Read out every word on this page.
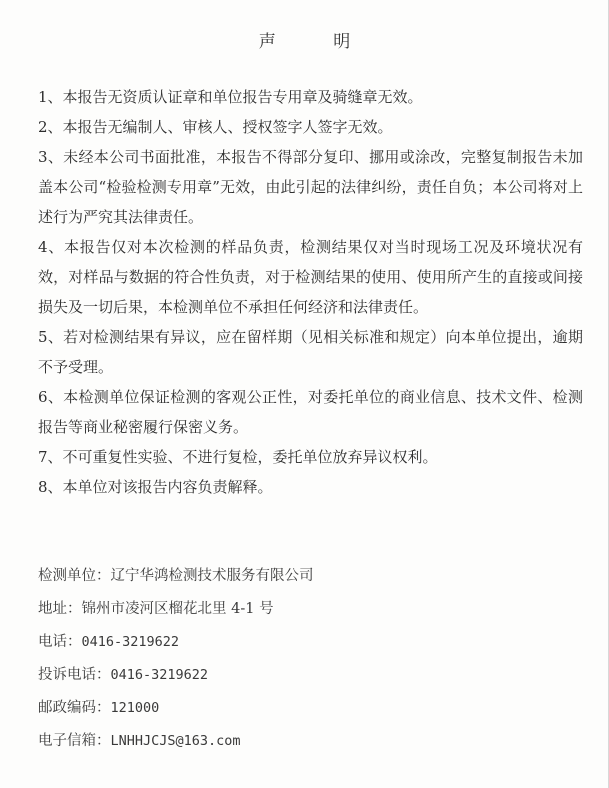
声 明

1、本报告无资质认证章和单位报告专用章及骑缝章无效。

2、本报告无编制人、审核人、授权签字人签字无效。

3、未经本公司书面批准，本报告不得部分复印、挪用或涂改，完整复制报告未加盖本公司“检验检测专用章”无效，由此引起的法律纠纷，责任自负；本公司将对上述行为严究其法律责任。

4、本报告仅对本次检测的样品负责，检测结果仅对当时现场工况及环境状况有效，对样品与数据的符合性负责，对于检测结果的使用、使用所产生的直接或间接损失及一切后果，本检测单位不承担任何经济和法律责任。

5、若对检测结果有异议，应在留样期（见相关标准和规定）向本单位提出，逾期不予受理。

6、本检测单位保证检测的客观公正性，对委托单位的商业信息、技术文件、检测报告等商业秘密履行保密义务。

7、不可重复性实验、不进行复检，委托单位放弃异议权利。

8、本单位对该报告内容负责解释。

检测单位：辽宁华鸿检测技术服务有限公司
地址：锦州市凌河区榴花北里 4-1 号
电话：0416-3219622
投诉电话：0416-3219622
邮政编码：121000
电子信箱：LNHHJCJS@163.com
